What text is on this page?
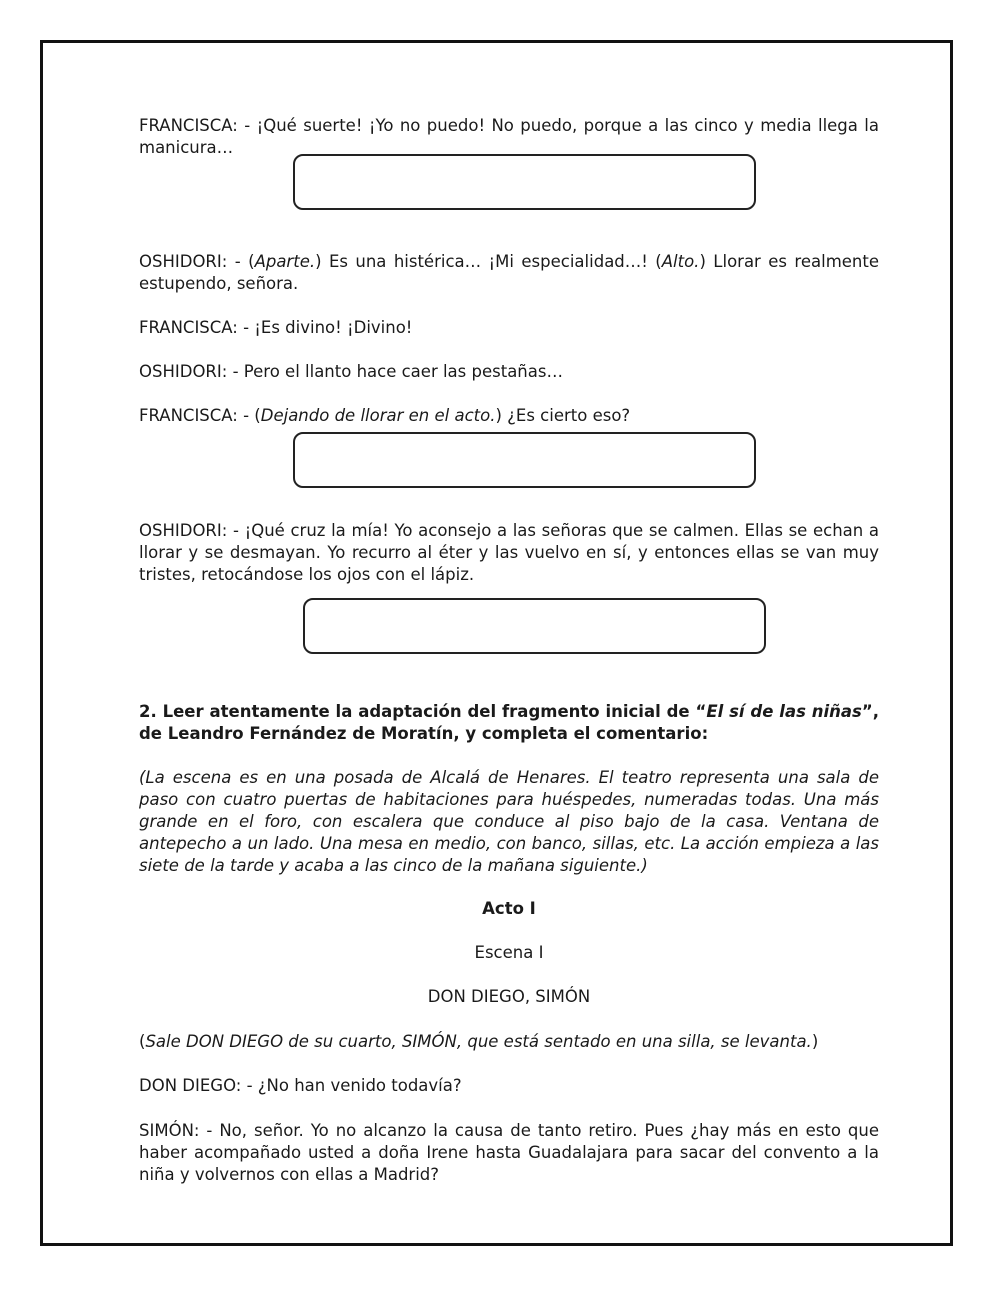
FRANCISCA: - ¡Qué suerte! ¡Yo no puedo! No puedo, porque a las cinco y media llega la manicura…

OSHIDORI: - (Aparte.) Es una histérica… ¡Mi especialidad…! (Alto.) Llorar es realmente estupendo, señora.

FRANCISCA: - ¡Es divino! ¡Divino!

OSHIDORI: - Pero el llanto hace caer las pestañas…

FRANCISCA: - (Dejando de llorar en el acto.) ¿Es cierto eso?

OSHIDORI: - ¡Qué cruz la mía! Yo aconsejo a las señoras que se calmen. Ellas se echan a llorar y se desmayan. Yo recurro al éter y las vuelvo en sí, y entonces ellas se van muy tristes, retocándose los ojos con el lápiz.

2. Leer atentamente la adaptación del fragmento inicial de “El sí de las niñas”, de Leandro Fernández de Moratín, y completa el comentario:

(La escena es en una posada de Alcalá de Henares. El teatro representa una sala de paso con cuatro puertas de habitaciones para huéspedes, numeradas todas. Una más grande en el foro, con escalera que conduce al piso bajo de la casa. Ventana de antepecho a un lado. Una mesa en medio, con banco, sillas, etc. La acción empieza a las siete de la tarde y acaba a las cinco de la mañana siguiente.)

Acto I

Escena I

DON DIEGO, SIMÓN

(Sale DON DIEGO de su cuarto, SIMÓN, que está sentado en una silla, se levanta.)

DON DIEGO: - ¿No han venido todavía?

SIMÓN: - No, señor. Yo no alcanzo la causa de tanto retiro. Pues ¿hay más en esto que haber acompañado usted a doña Irene hasta Guadalajara para sacar del convento a la niña y volvernos con ellas a Madrid?
